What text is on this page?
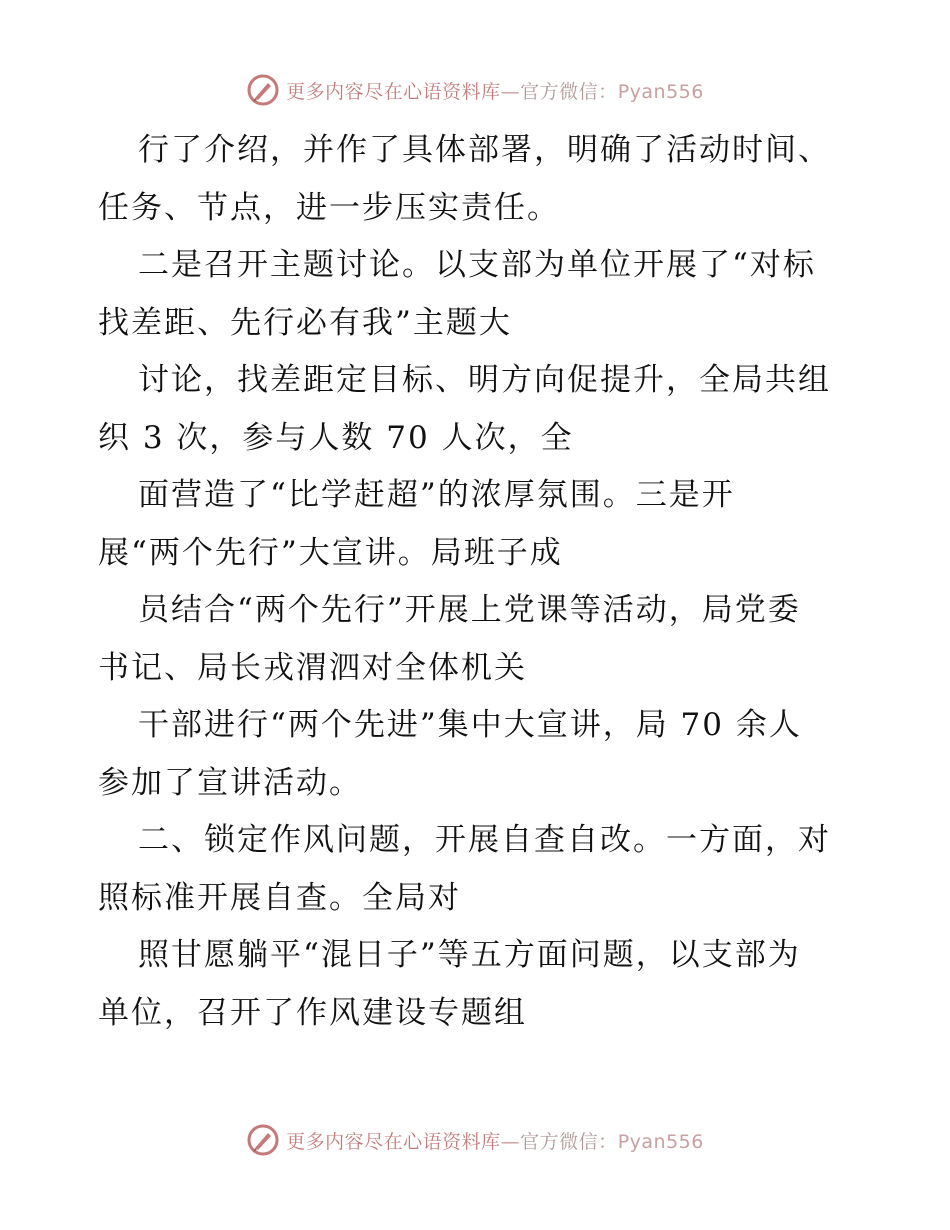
更多内容尽在心语资料库—官方微信：Pyan556
行了介绍，并作了具体部署，明确了活动时间、
任务、节点，进一步压实责任。
二是召开主题讨论。以支部为单位开展了“对标
找差距、先行必有我”主题大
讨论，找差距定目标、明方向促提升，全局共组
织 3 次，参与人数 70 人次，全
面营造了“比学赶超”的浓厚氛围。三是开
展“两个先行”大宣讲。局班子成
员结合“两个先行”开展上党课等活动，局党委
书记、局长戎渭泗对全体机关
干部进行“两个先进”集中大宣讲，局 70 余人
参加了宣讲活动。
二、锁定作风问题，开展自查自改。一方面，对
照标准开展自查。全局对
照甘愿躺平“混日子”等五方面问题，以支部为
单位，召开了作风建设专题组
更多内容尽在心语资料库—官方微信：Pyan556
